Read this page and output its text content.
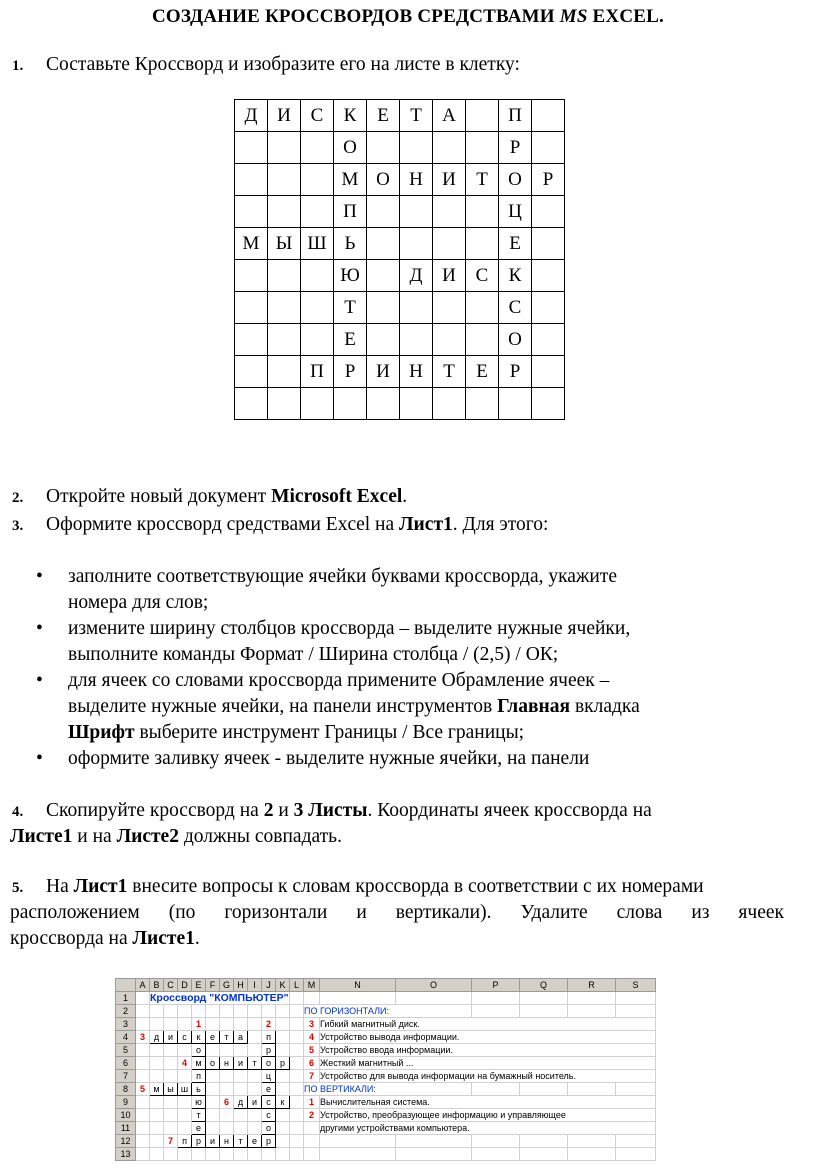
СОЗДАНИЕ КРОССВОРДОВ СРЕДСТВАМИ MS EXCEL.
1. Составьте Кроссворд и изобразите его на листе в клетку:
Д	И	С	К	Е	Т	А		П	
			О					Р	
			М	О	Н	И	Т	О	Р
			П					Ц	
М	Ы	Ш	Ь					Е	
			Ю		Д	И	С	К	
			Т					С	
			Е					О	
		П	Р	И	Н	Т	Е	Р	

2. Откройте новый документ Microsoft Excel.
3. Оформите кроссворд средствами Excel на Лист1. Для этого:
• заполните соответствующие ячейки буквами кроссворда, укажите
номера для слов;
• измените ширину столбцов кроссворда – выделите нужные ячейки,
выполните команды Формат / Ширина столбца / (2,5) / ОК;
• для ячеек со словами кроссворда примените Обрамление ячеек –
выделите нужные ячейки, на панели инструментов Главная вкладка
Шрифт выберите инструмент Границы / Все границы;
• оформите заливку ячеек - выделите нужные ячейки, на панели
4. Скопируйте кроссворд на 2 и 3 Листы. Координаты ячеек кроссворда на
Листе1 и на Листе2 должны совпадать.
5. На Лист1 внесите вопросы к словам кроссворда в соответствии с их номерами
расположением (по горизонтали и вертикали). Удалите слова из ячеек
кроссворда на Листе1.
	A	B	C	D	E	F	G	H	I	J	K	L	M	N	O	P	Q	R	S
1		Кроссворд "КОМПЬЮТЕР"																	
2													ПО ГОРИЗОНТАЛИ:						
3					1					2			3	Гибкий магнитный диск.					
4	3	д	и	с	к	е	т	а		п			4	Устройство вывода информации.					
5					о					р			5	Устройство ввода информации.					
6				4	м	о	н	и	т	о	р		6	Жесткий магнитный ...					
7					п					ц			7	Устройство для вывода информации на бумажный носитель.					
8	5	м	ы	ш	ь					е			ПО ВЕРТИКАЛИ:						
9					ю		6	д	и	с	к		1	Вычислительная система.					
10					т					с			2	Устройство, преобразующее информацию и управляющее					
11					е					о				другими устройствами компьютера.					
12			7	п	р	и	н	т	е	р									
13																			
